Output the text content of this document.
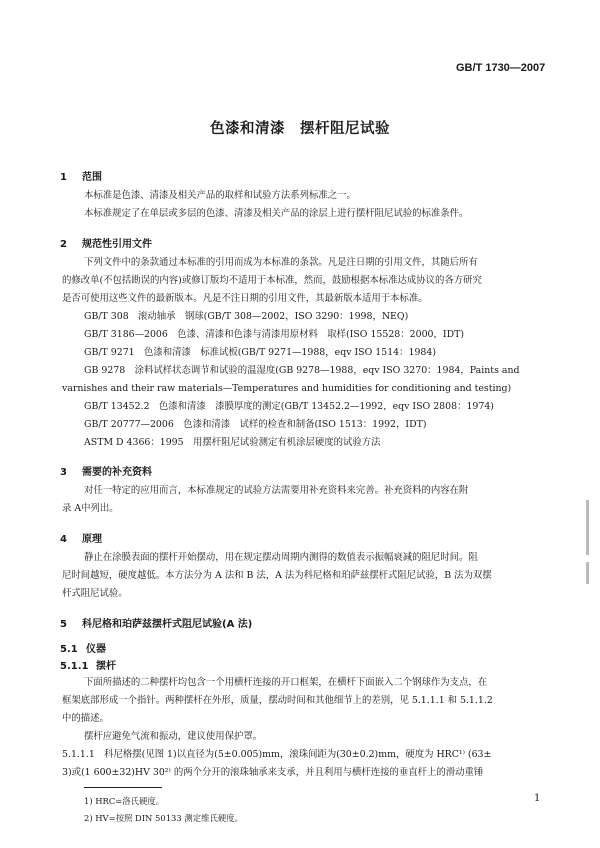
GB/T 1730—2007
色漆和清漆　摆杆阻尼试验
1 范围
本标准是色漆、清漆及相关产品的取样和试验方法系列标准之一。
本标准规定了在单层或多层的色漆、清漆及相关产品的涂层上进行摆杆阻尼试验的标准条件。
2 规范性引用文件
下列文件中的条款通过本标准的引用而成为本标准的条款。凡是注日期的引用文件，其随后所有
的修改单(不包括勘误的内容)或修订版均不适用于本标准，然而，鼓励根据本标准达成协议的各方研究
是否可使用这些文件的最新版本。凡是不注日期的引用文件，其最新版本适用于本标准。
GB/T 308　滚动轴承　钢球(GB/T 308—2002，ISO 3290：1998，NEQ)
GB/T 3186—2006　色漆、清漆和色漆与清漆用原材料　取样(ISO 15528：2000，IDT)
GB/T 9271　色漆和清漆　标准试板(GB/T 9271—1988，eqv ISO 1514：1984)
GB 9278　涂料试样状态调节和试验的温湿度(GB 9278—1988，eqv ISO 3270：1984，Paints and
varnishes and their raw materials—Temperatures and humidities for conditioning and testing)
GB/T 13452.2　色漆和清漆　漆膜厚度的测定(GB/T 13452.2—1992，eqv ISO 2808：1974)
GB/T 20777—2006　色漆和清漆　试样的检查和制备(ISO 1513：1992，IDT)
ASTM D 4366：1995　用摆杆阻尼试验测定有机涂层硬度的试验方法
3 需要的补充资料
对任一特定的应用而言，本标准规定的试验方法需要用补充资料来完善。补充资料的内容在附
录 A中列出。
4 原理
静止在涂膜表面的摆杆开始摆动，用在规定摆动周期内测得的数值表示振幅衰减的阻尼时间。阻
尼时间越短，硬度越低。本方法分为 A 法和 B 法，A 法为科尼格和珀萨兹摆杆式阻尼试验，B 法为双摆
杆式阻尼试验。
5 科尼格和珀萨兹摆杆式阻尼试验(A 法)
5.1 仪器
5.1.1 摆杆
下面所描述的二种摆杆均包含一个用横杆连接的开口框架，在横杆下面嵌入二个钢球作为支点，在
框架底部形成一个指针。两种摆杆在外形，质量，摆动时间和其他细节上的差别，见 5.1.1.1 和 5.1.1.2
中的描述。
摆杆应避免气流和振动，建议使用保护罩。
5.1.1.1　科尼格摆(见图 1)以直径为(5±0.005)mm，滚珠间距为(30±0.2)mm，硬度为 HRC¹⁾ (63±
3)或(1 600±32)HV 30²⁾ 的两个分开的滚珠轴承来支承，并且利用与横杆连接的垂直杆上的滑动重锤
1) HRC=洛氏硬度。
2) HV=按照 DIN 50133 测定维氏硬度。
1
